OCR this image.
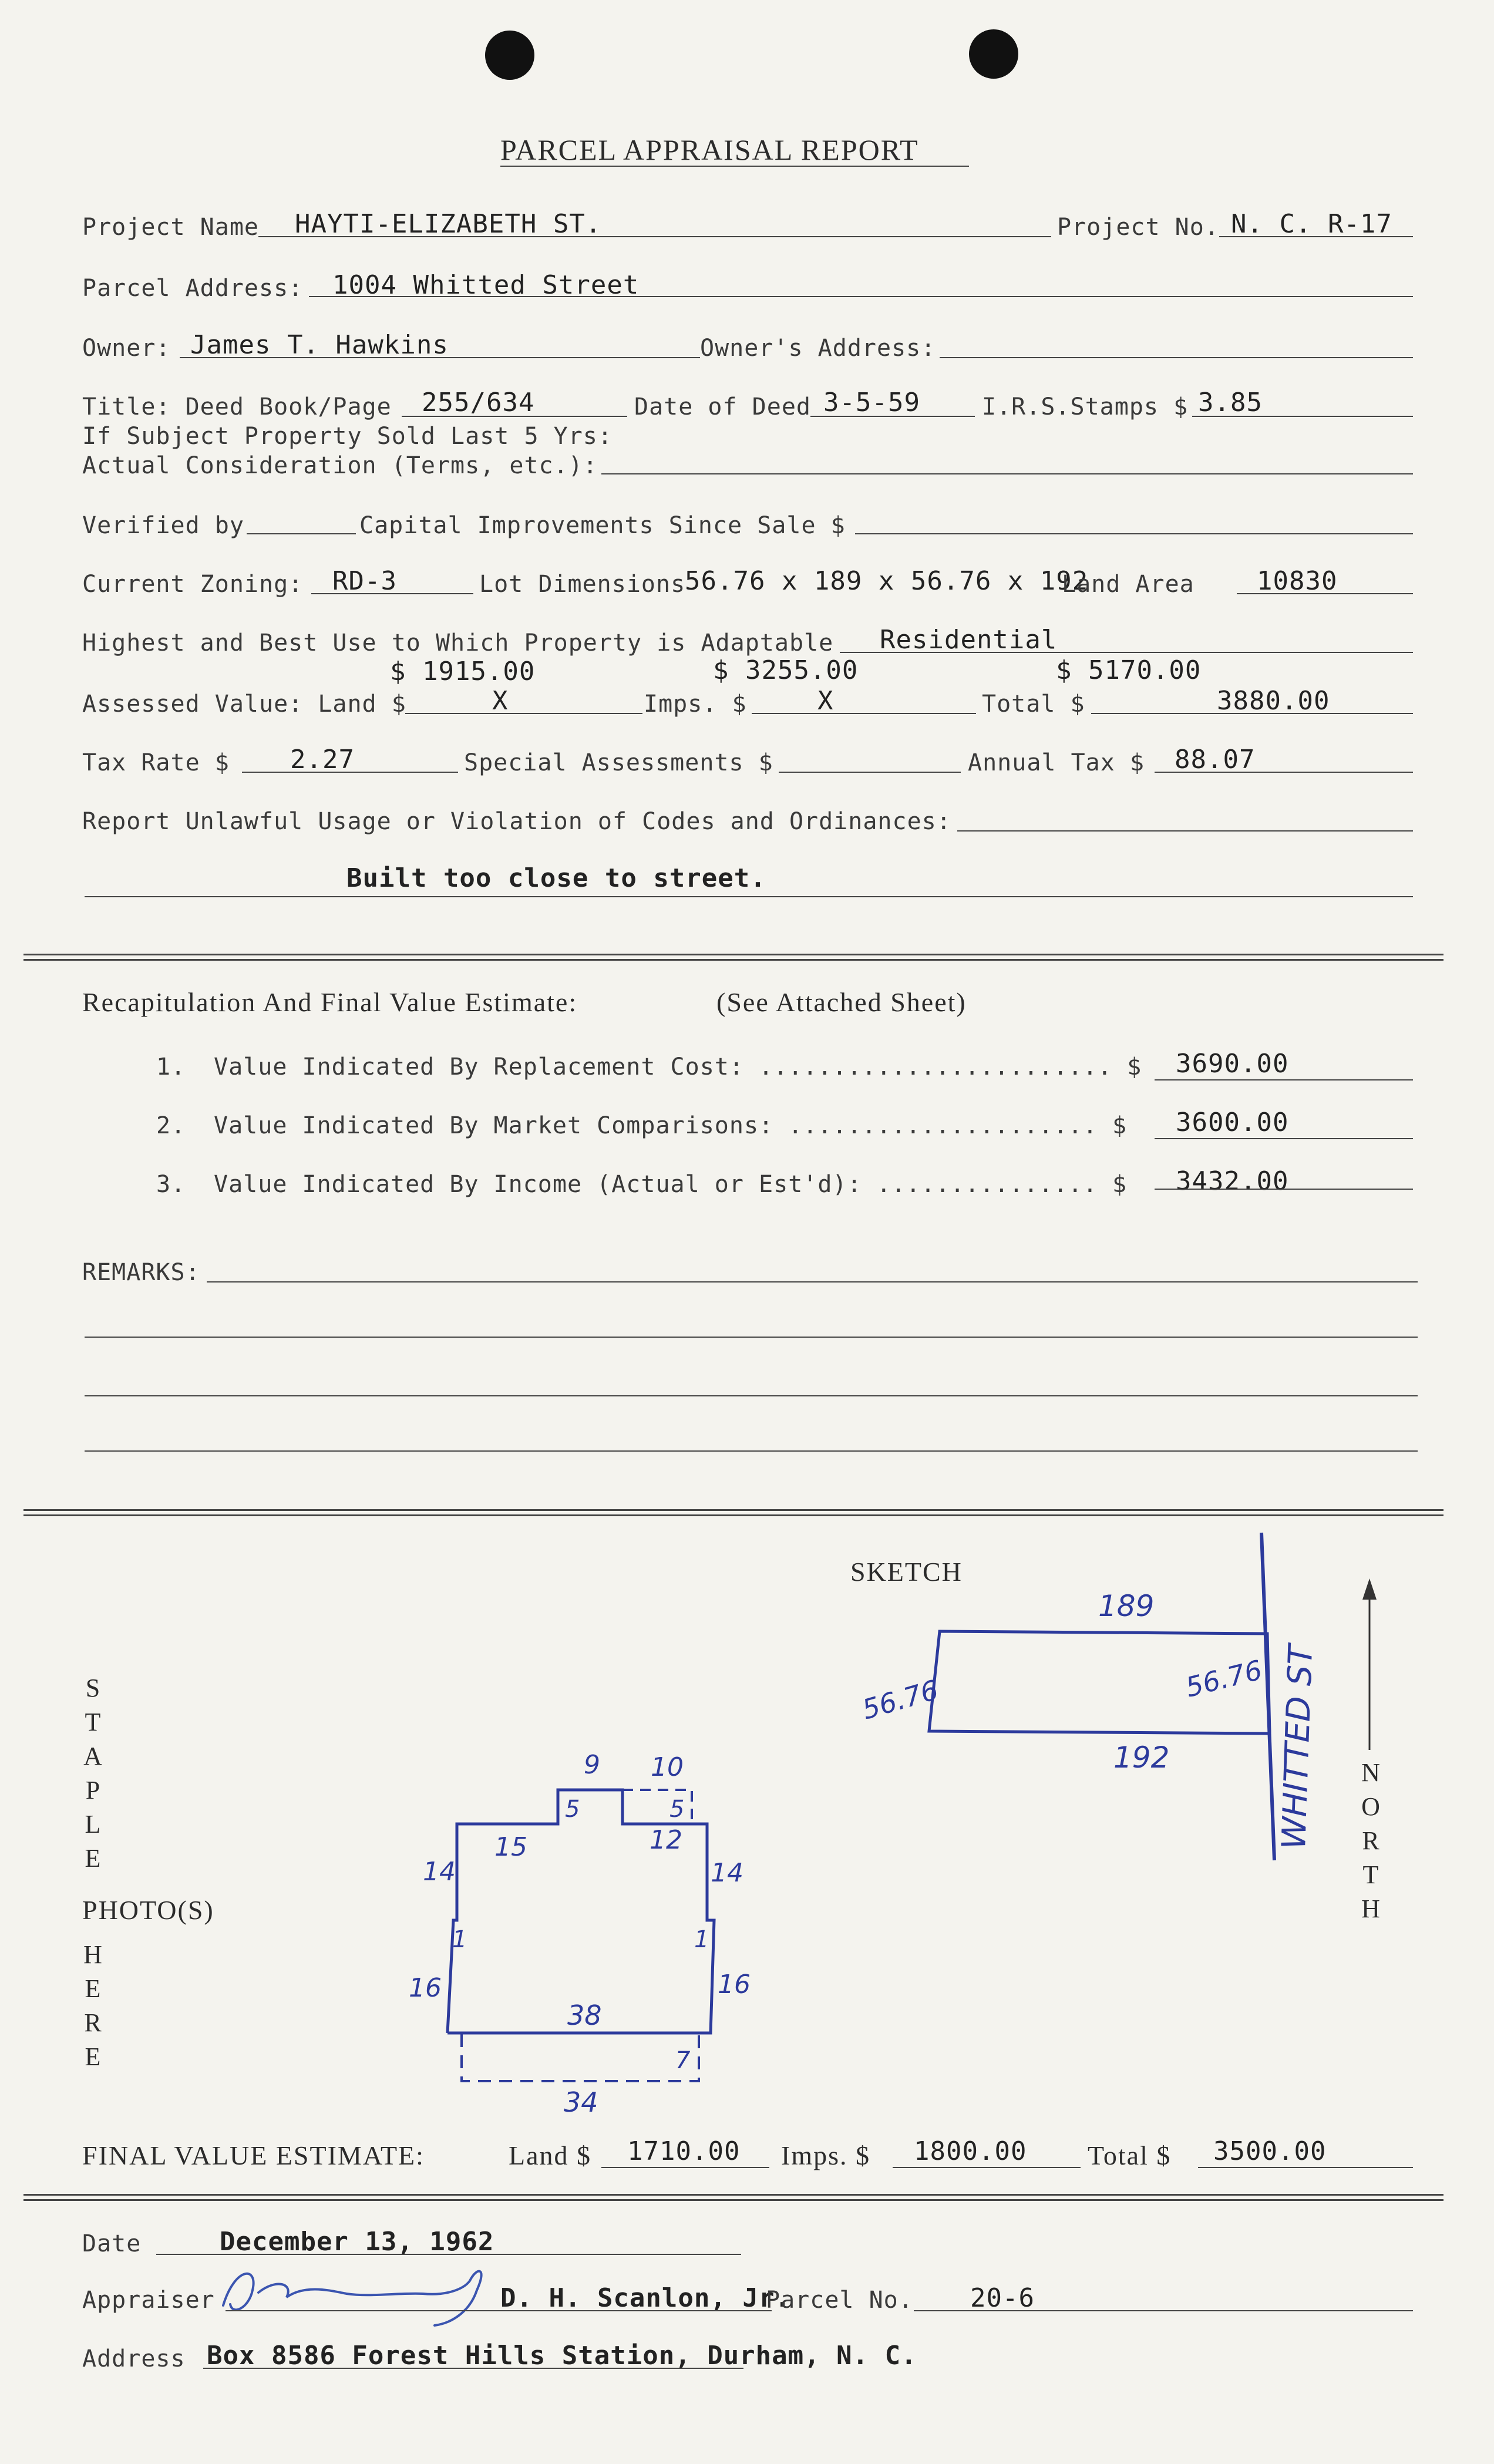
PARCEL APPRAISAL REPORT
Project Name HAYTI-ELIZABETH ST.	Project No. N. C. R-17
Parcel Address: 1004 Whitted Street
Owner: James T. Hawkins	Owner's Address:
Title: Deed Book/Page 255/634	Date of Deed 3-5-59	I.R.S.Stamps $ 3.85
If Subject Property Sold Last 5 Yrs:
Actual Consideration (Terms, etc.):
Verified by	Capital Improvements Since Sale $
Current Zoning: RD-3	Lot Dimensions
56.76 x 189 x 56.76 x 192
Land Area 10830
Highest and Best Use to Which Property is Adaptable Residential
$ 1915.00	$ 3255.00	$ 5170.00
Assessed Value: Land $	X	Imps. $	X	Total $	3880.00
Tax Rate $ 2.27	Special Assessments $	Annual Tax $ 88.07
Report Unlawful Usage or Violation of Codes and Ordinances:
Built too close to street.
Recapitulation And Final Value Estimate:	(See Attached Sheet)
1. Value Indicated By Replacement Cost: ........................ $ 3690.00
2. Value Indicated By Market Comparisons: ..................... $ 3600.00
3. Value Indicated By Income (Actual or Est'd): ............... $ 3432.00
REMARKS:
SKETCH
S
T
A
P
L
E
PHOTO(S)
H
E
R
E
N
O
R
T
H
WHITTED ST
189
192
56.76	56.76
9 10
5	5
15	12
14	14
1	1
16	16
38
34
7
FINAL VALUE ESTIMATE:	Land $ 1710.00 Imps. $ 1800.00 Total $ 3500.00
Date	December 13, 1962
Appraiser	D. H. Scanlon, Jr.
Parcel No. 20-6
Address Box 8586 Forest Hills Station, Durham, N. C.
